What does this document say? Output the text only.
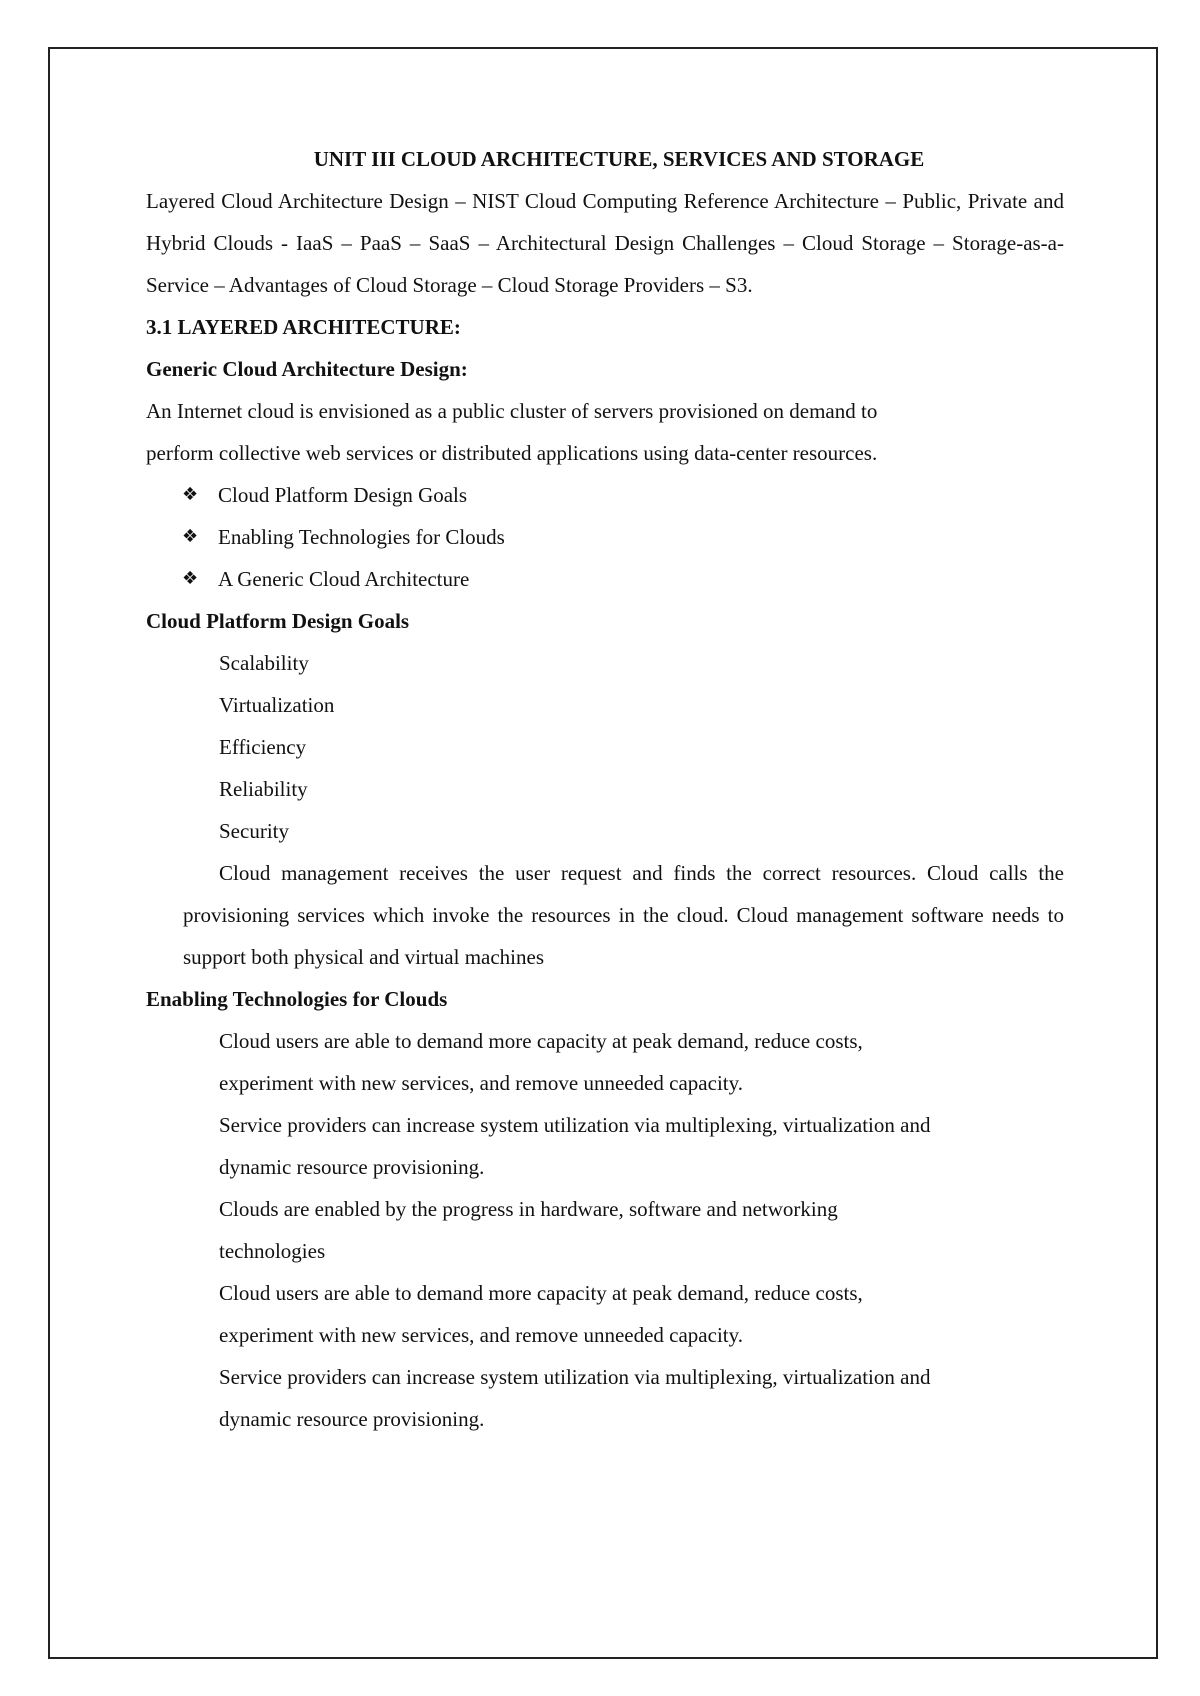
UNIT III CLOUD ARCHITECTURE, SERVICES AND STORAGE

Layered Cloud Architecture Design – NIST Cloud Computing Reference Architecture – Public, Private and Hybrid Clouds - IaaS – PaaS – SaaS – Architectural Design Challenges – Cloud Storage – Storage-as-a-Service – Advantages of Cloud Storage – Cloud Storage Providers – S3.

3.1 LAYERED ARCHITECTURE:

Generic Cloud Architecture Design:

An Internet cloud is envisioned as a public cluster of servers provisioned on demand to
perform collective web services or distributed applications using data-center resources.
❖ Cloud Platform Design Goals
❖ Enabling Technologies for Clouds
❖ A Generic Cloud Architecture

Cloud Platform Design Goals

Scalability
Virtualization
Efficiency
Reliability
Security

Cloud management receives the user request and finds the correct resources. Cloud calls the provisioning services which invoke the resources in the cloud. Cloud management software needs to support both physical and virtual machines

Enabling Technologies for Clouds

Cloud users are able to demand more capacity at peak demand, reduce costs,
experiment with new services, and remove unneeded capacity.
Service providers can increase system utilization via multiplexing, virtualization and
dynamic resource provisioning.
Clouds are enabled by the progress in hardware, software and networking
technologies
Cloud users are able to demand more capacity at peak demand, reduce costs,
experiment with new services, and remove unneeded capacity.
Service providers can increase system utilization via multiplexing, virtualization and
dynamic resource provisioning.
